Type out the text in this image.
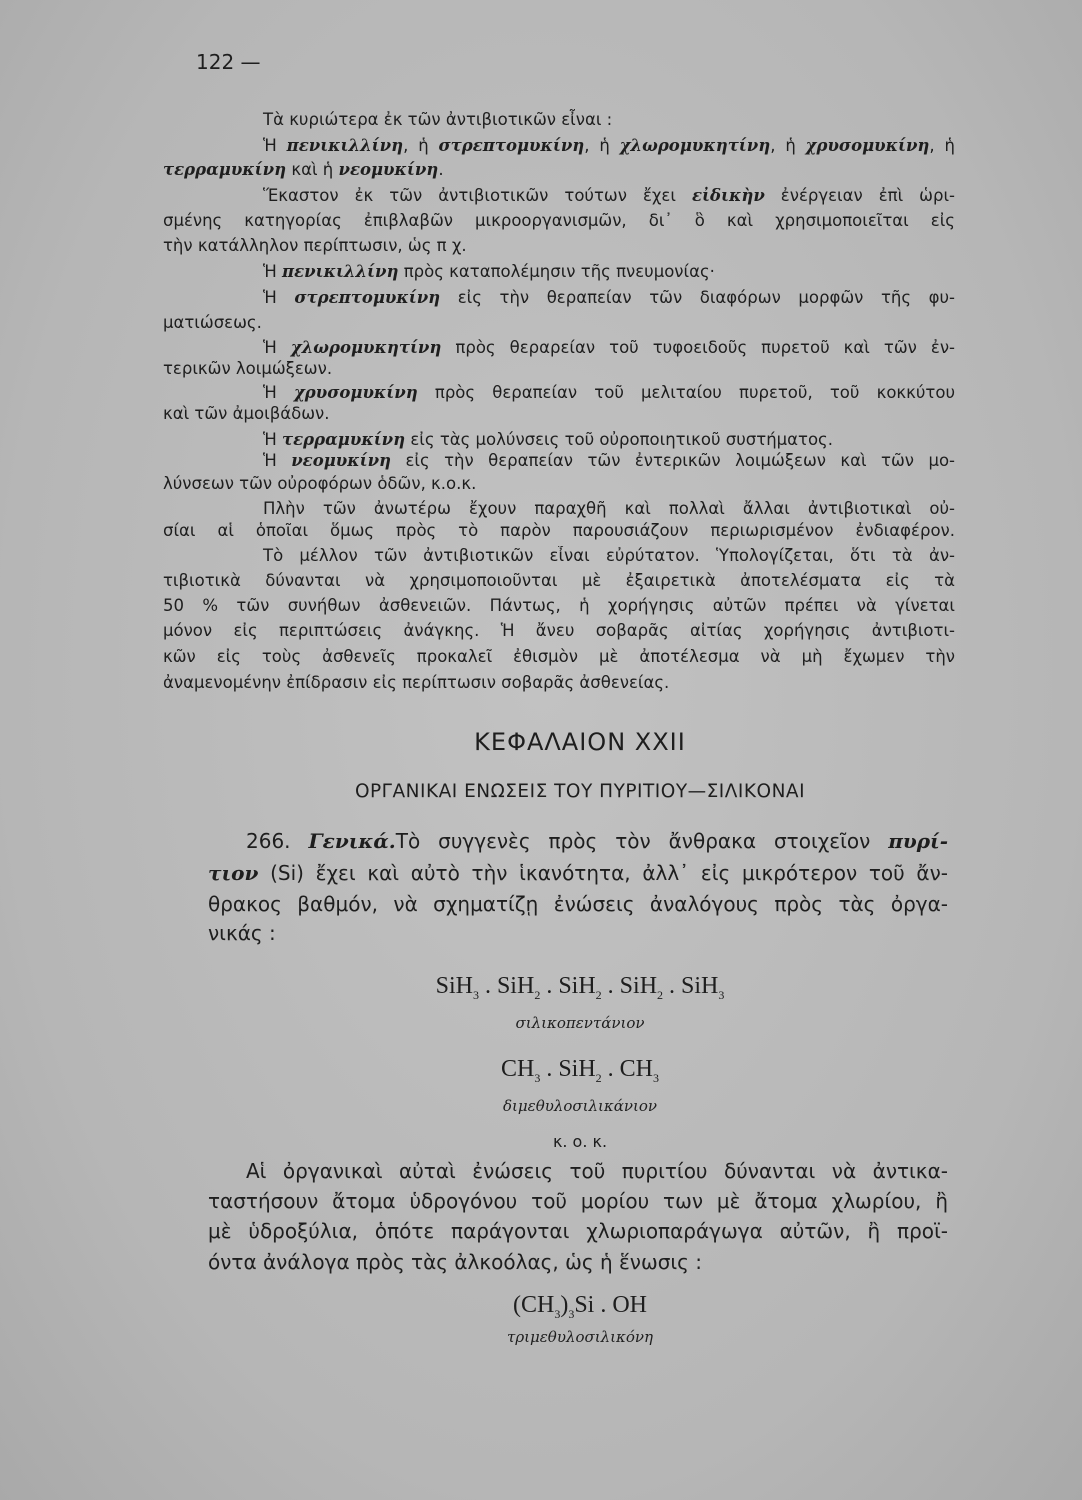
122 —
Τὰ κυριώτερα ἐκ τῶν ἀντιβιοτικῶν εἶναι :
Ἡ πενικιλλίνη, ἡ στρεπτομυκίνη, ἡ χλωρομυκητίνη, ἡ χρυσομυκίνη, ἡ
τερραμυκίνη καὶ ἡ νεομυκίνη.
Ἕκαστον ἐκ τῶν ἀντιβιοτικῶν τούτων ἔχει εἰδικὴν ἐνέργειαν ἐπὶ ὡρι-
σμένης κατηγορίας ἐπιβλαβῶν μικροοργανισμῶν, δι᾽ ὃ καὶ χρησιμοποιεῖται εἰς
τὴν κατάλληλον περίπτωσιν, ὡς π χ.
Ἡ πενικιλλίνη πρὸς καταπολέμησιν τῆς πνευμονίας·
Ἡ στρεπτομυκίνη εἰς τὴν θεραπείαν τῶν διαφόρων μορφῶν τῆς φυ-
ματιώσεως.
Ἡ χλωρομυκητίνη πρὸς θεραρείαν τοῦ τυφοειδοῦς πυρετοῦ καὶ τῶν ἐν-
τερικῶν λοιμώξεων.
Ἡ χρυσομυκίνη πρὸς θεραπείαν τοῦ μελιταίου πυρετοῦ, τοῦ κοκκύτου
καὶ τῶν ἀμοιβάδων.
Ἡ τερραμυκίνη εἰς τὰς μολύνσεις τοῦ οὐροποιητικοῦ συστήματος.
Ἡ νεομυκίνη εἰς τὴν θεραπείαν τῶν ἐντερικῶν λοιμώξεων καὶ τῶν μο-
λύνσεων τῶν οὐροφόρων ὁδῶν, κ.ο.κ.
Πλὴν τῶν ἀνωτέρω ἔχουν παραχθῆ καὶ πολλαὶ ἄλλαι ἀντιβιοτικαὶ οὐ-
σίαι αἱ ὁποῖαι ὅμως πρὸς τὸ παρὸν παρουσιάζουν περιωρισμένον ἐνδιαφέρον.
Τὸ μέλλον τῶν ἀντιβιοτικῶν εἶναι εὐρύτατον. Ὑπολογίζεται, ὅτι τὰ ἀν-
τιβιοτικὰ δύνανται νὰ χρησιμοποιοῦνται μὲ ἐξαιρετικὰ ἀποτελέσματα εἰς τὰ
50 % τῶν συνήθων ἀσθενειῶν. Πάντως, ἡ χορήγησις αὐτῶν πρέπει νὰ γίνεται
μόνον εἰς περιπτώσεις ἀνάγκης. Ἡ ἄνευ σοβαρᾶς αἰτίας χορήγησις ἀντιβιοτι-
κῶν εἰς τοὺς ἀσθενεῖς προκαλεῖ ἐθισμὸν μὲ ἀποτέλεσμα νὰ μὴ ἔχωμεν τὴν
ἀναμενομένην ἐπίδρασιν εἰς περίπτωσιν σοβαρᾶς ἀσθενείας.
ΚΕΦΑΛΑΙΟΝ XXII
ΟΡΓΑΝΙΚΑΙ ΕΝΩΣΕΙΣ ΤΟΥ ΠΥΡΙΤΙΟΥ—ΣΙΛΙΚΟΝΑΙ
266. Γενικά.Τὸ συγγενὲς πρὸς τὸν ἄνθρακα στοιχεῖον πυρί-
τιον (Si) ἔχει καὶ αὐτὸ τὴν ἱκανότητα, ἀλλ᾽ εἰς μικρότερον τοῦ ἄν-
θρακος βαθμόν, νὰ σχηματίζῃ ἐνώσεις ἀναλόγους πρὸς τὰς ὀργα-
νικάς :
SiH$_3$ . SiH$_2$ . SiH$_2$ . SiH$_2$ . SiH$_3$
σιλικοπεντάνιον
$CH_3$ . SiH$_2$ . $CH_3$
διμεθυλοσιλικάνιον
κ. ο. κ.
Αἱ ὀργανικαὶ αὐταὶ ἐνώσεις τοῦ πυριτίου δύνανται νὰ ἀντικα-
ταστήσουν ἄτομα ὑδρογόνου τοῦ μορίου των μὲ ἄτομα χλωρίου, ἢ
μὲ ὑδροξύλια, ὁπότε παράγονται χλωριοπαράγωγα αὐτῶν, ἢ προϊ-
όντα ἀνάλογα πρὸς τὰς ἀλκοόλας, ὡς ἡ ἕνωσις :
$(CH_3)_3Si$ . OH
τριμεθυλοσιλικόνη
